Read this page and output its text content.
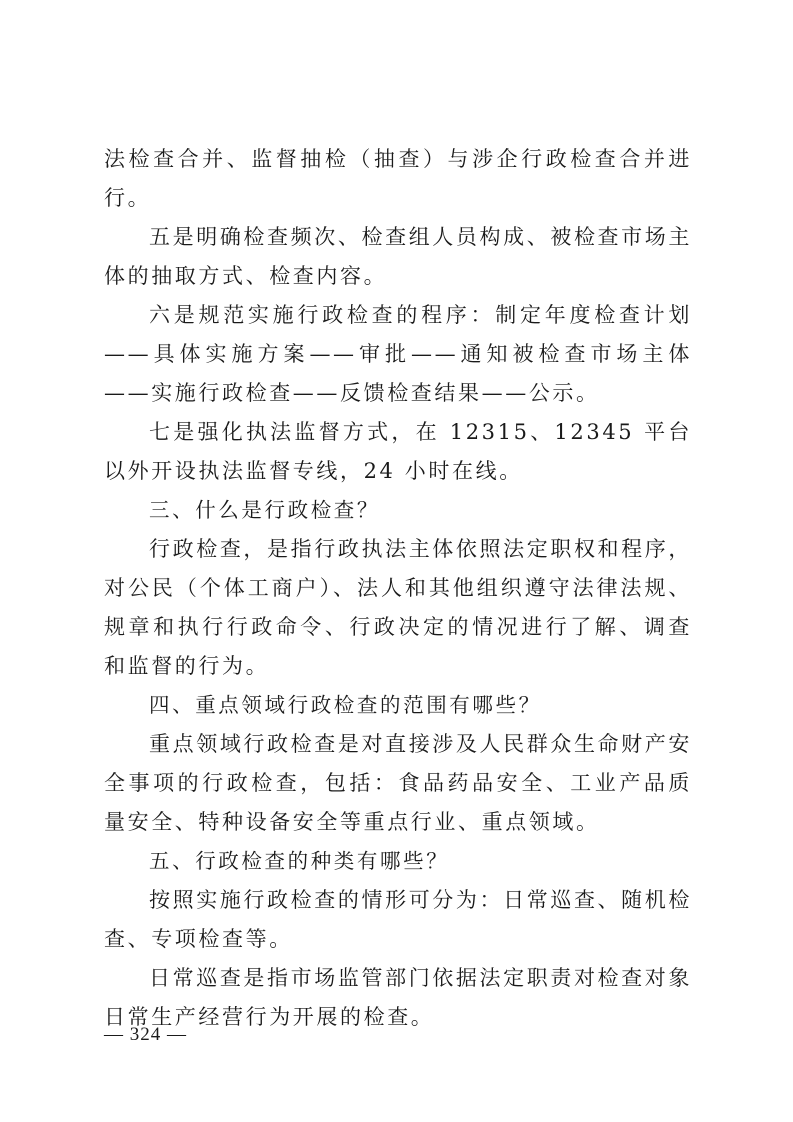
法检查合并、监督抽检（抽查）与涉企行政检查合并进行。

五是明确检查频次、检查组人员构成、被检查市场主体的抽取方式、检查内容。

六是规范实施行政检查的程序：制定年度检查计划——具体实施方案——审批——通知被检查市场主体——实施行政检查——反馈检查结果——公示。

七是强化执法监督方式，在 12315、12345 平台以外开设执法监督专线，24 小时在线。

三、什么是行政检查？

行政检查，是指行政执法主体依照法定职权和程序，对公民（个体工商户）、法人和其他组织遵守法律法规、规章和执行行政命令、行政决定的情况进行了解、调查和监督的行为。

四、重点领域行政检查的范围有哪些？

重点领域行政检查是对直接涉及人民群众生命财产安全事项的行政检查，包括：食品药品安全、工业产品质量安全、特种设备安全等重点行业、重点领域。

五、行政检查的种类有哪些？

按照实施行政检查的情形可分为：日常巡查、随机检查、专项检查等。

日常巡查是指市场监管部门依据法定职责对检查对象日常生产经营行为开展的检查。

— 324 —
